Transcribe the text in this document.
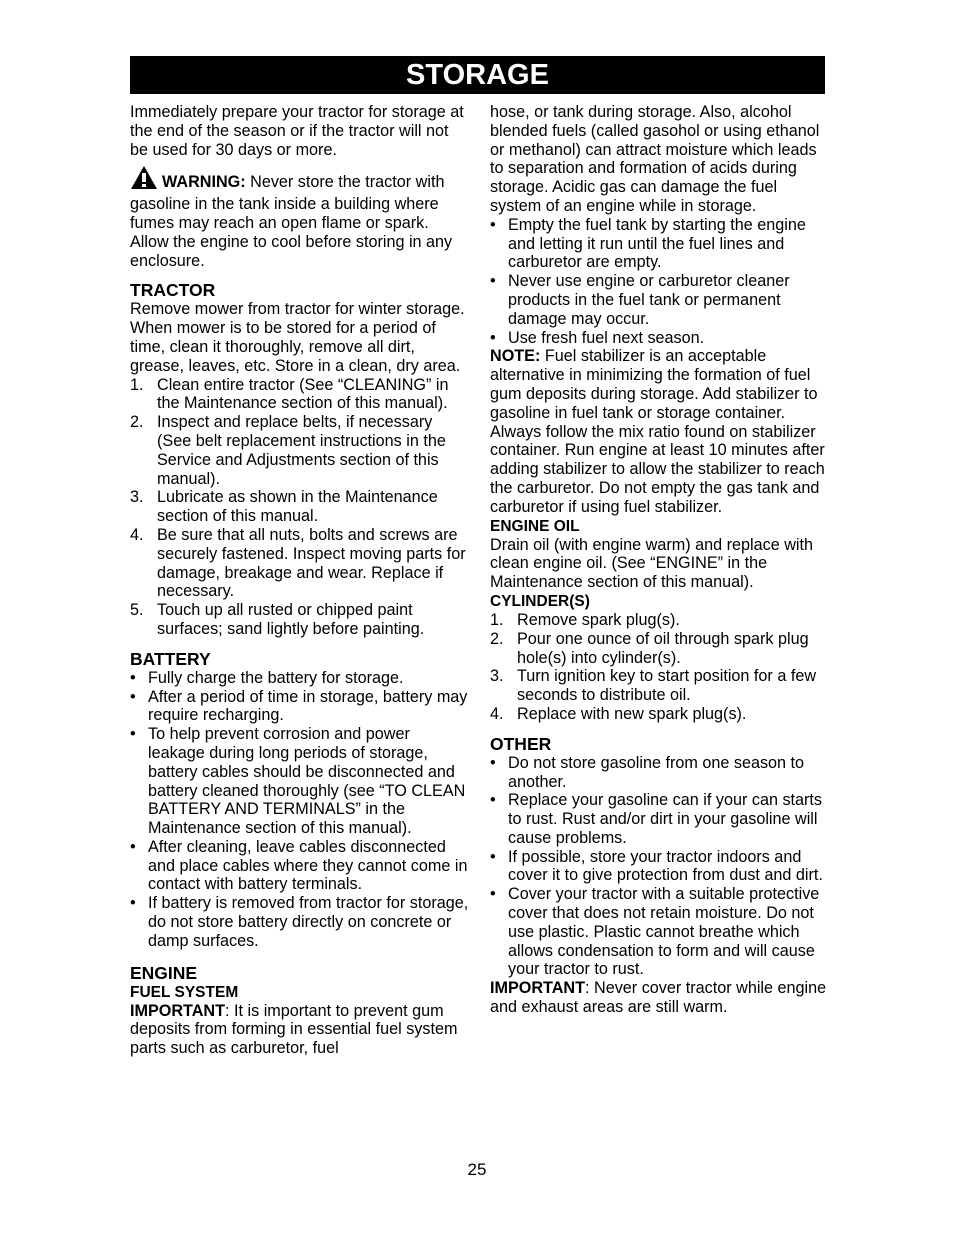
STORAGE

Immediately prepare your tractor for storage at the end of the season or if the tractor will not be used for 30 days or more.

WARNING: Never store the tractor with gasoline in the tank inside a building where fumes may reach an open flame or spark. Allow the engine to cool before storing in any enclosure.

TRACTOR

Remove mower from tractor for winter storage. When mower is to be stored for a period of time, clean it thoroughly, remove all dirt, grease, leaves, etc. Store in a clean, dry area.

1. Clean entire tractor (See “CLEANING” in the Maintenance section of this manual).
2. Inspect and replace belts, if necessary (See belt replacement instructions in the Service and Adjustments section of this manual).
3. Lubricate as shown in the Maintenance section of this manual.
4. Be sure that all nuts, bolts and screws are securely fastened. Inspect moving parts for damage, breakage and wear. Replace if necessary.
5. Touch up all rusted or chipped paint surfaces; sand lightly before painting.
BATTERY
• Fully charge the battery for storage.
• After a period of time in storage, battery may require recharging.
• To help prevent corrosion and power leakage during long periods of storage, battery cables should be disconnected and battery cleaned thoroughly (see “TO CLEAN BATTERY AND TERMINALS” in the Maintenance section of this manual).
• After cleaning, leave cables disconnected and place cables where they cannot come in contact with battery terminals.
• If battery is removed from tractor for storage, do not store battery directly on concrete or damp surfaces.
ENGINE
FUEL SYSTEM

IMPORTANT: It is important to prevent gum deposits from forming in essential fuel system parts such as carburetor, fuel

hose, or tank during storage. Also, alcohol blended fuels (called gasohol or using ethanol or methanol) can attract moisture which leads to separation and formation of acids during storage. Acidic gas can damage the fuel system of an engine while in storage.

• Empty the fuel tank by starting the engine and letting it run until the fuel lines and carburetor are empty.
• Never use engine or carburetor cleaner products in the fuel tank or permanent damage may occur.
• Use fresh fuel next season.

NOTE: Fuel stabilizer is an acceptable alternative in minimizing the formation of fuel gum deposits during storage. Add stabilizer to gasoline in fuel tank or storage container. Always follow the mix ratio found on stabilizer container. Run engine at least 10 minutes after adding stabilizer to allow the stabilizer to reach the carburetor. Do not empty the gas tank and carburetor if using fuel stabilizer.

ENGINE OIL

Drain oil (with engine warm) and replace with clean engine oil. (See “ENGINE” in the Maintenance section of this manual).

CYLINDER(S)
1. Remove spark plug(s).
2. Pour one ounce of oil through spark plug hole(s) into cylinder(s).
3. Turn ignition key to start position for a few seconds to distribute oil.
4. Replace with new spark plug(s).
OTHER
• Do not store gasoline from one season to another.
• Replace your gasoline can if your can starts to rust. Rust and/or dirt in your gasoline will cause problems.
• If possible, store your tractor indoors and cover it to give protection from dust and dirt.
• Cover your tractor with a suitable protective cover that does not retain moisture. Do not use plastic. Plastic cannot breathe which allows condensation to form and will cause your tractor to rust.

IMPORTANT: Never cover tractor while engine and exhaust areas are still warm.

25
